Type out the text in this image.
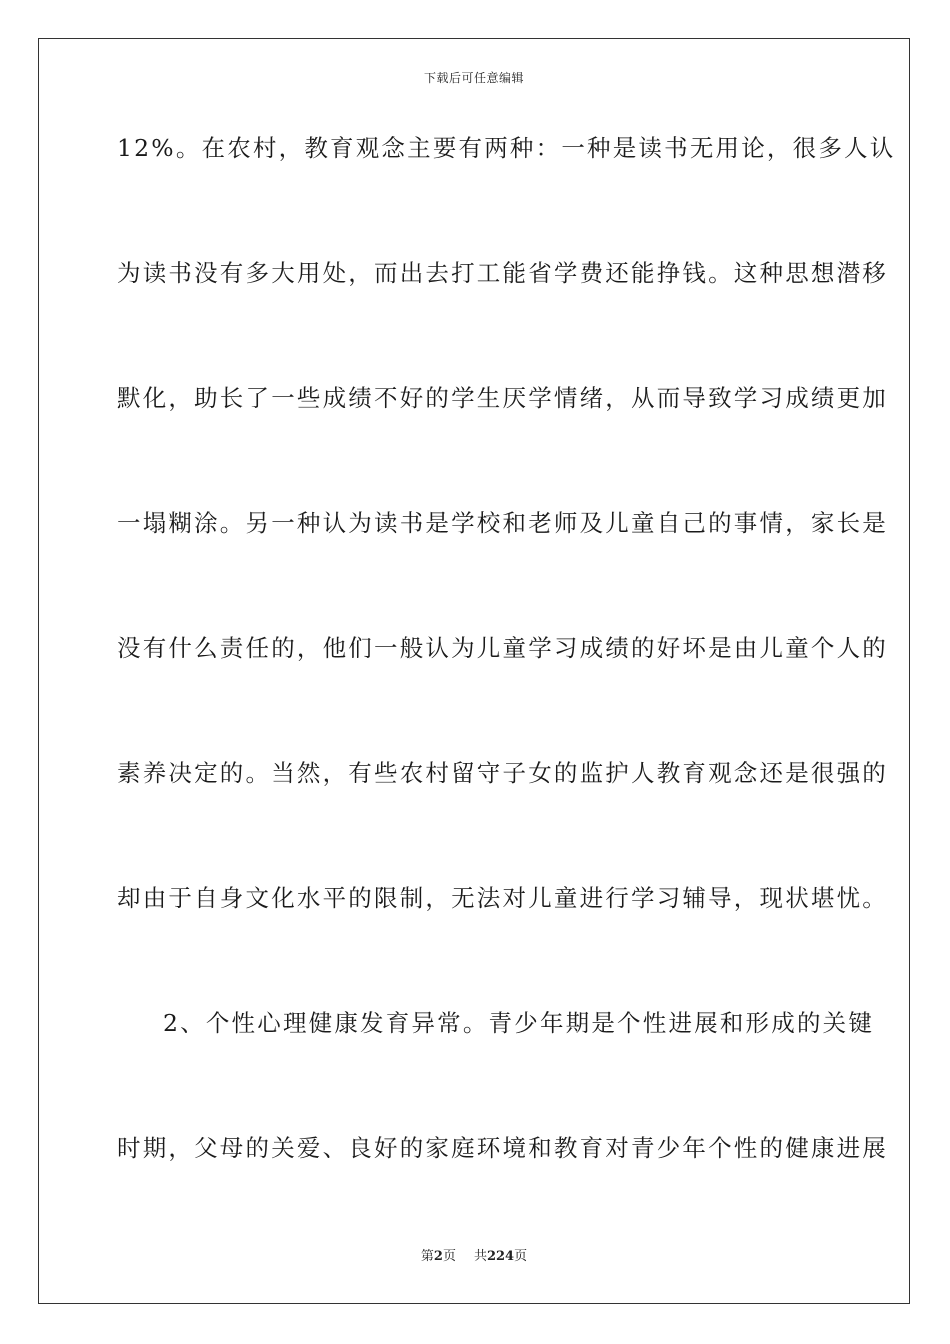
下载后可任意编辑
12%。在农村，教育观念主要有两种：一种是读书无用论，很多人认
为读书没有多大用处，而出去打工能省学费还能挣钱。这种思想潜移
默化，助长了一些成绩不好的学生厌学情绪，从而导致学习成绩更加
一塌糊涂。另一种认为读书是学校和老师及儿童自己的事情，家长是
没有什么责任的，他们一般认为儿童学习成绩的好坏是由儿童个人的
素养决定的。当然，有些农村留守子女的监护人教育观念还是很强的
却由于自身文化水平的限制，无法对儿童进行学习辅导，现状堪忧。
2、个性心理健康发育异常。青少年期是个性进展和形成的关键
时期，父母的关爱、良好的家庭环境和教育对青少年个性的健康进展
第2页 共224页
